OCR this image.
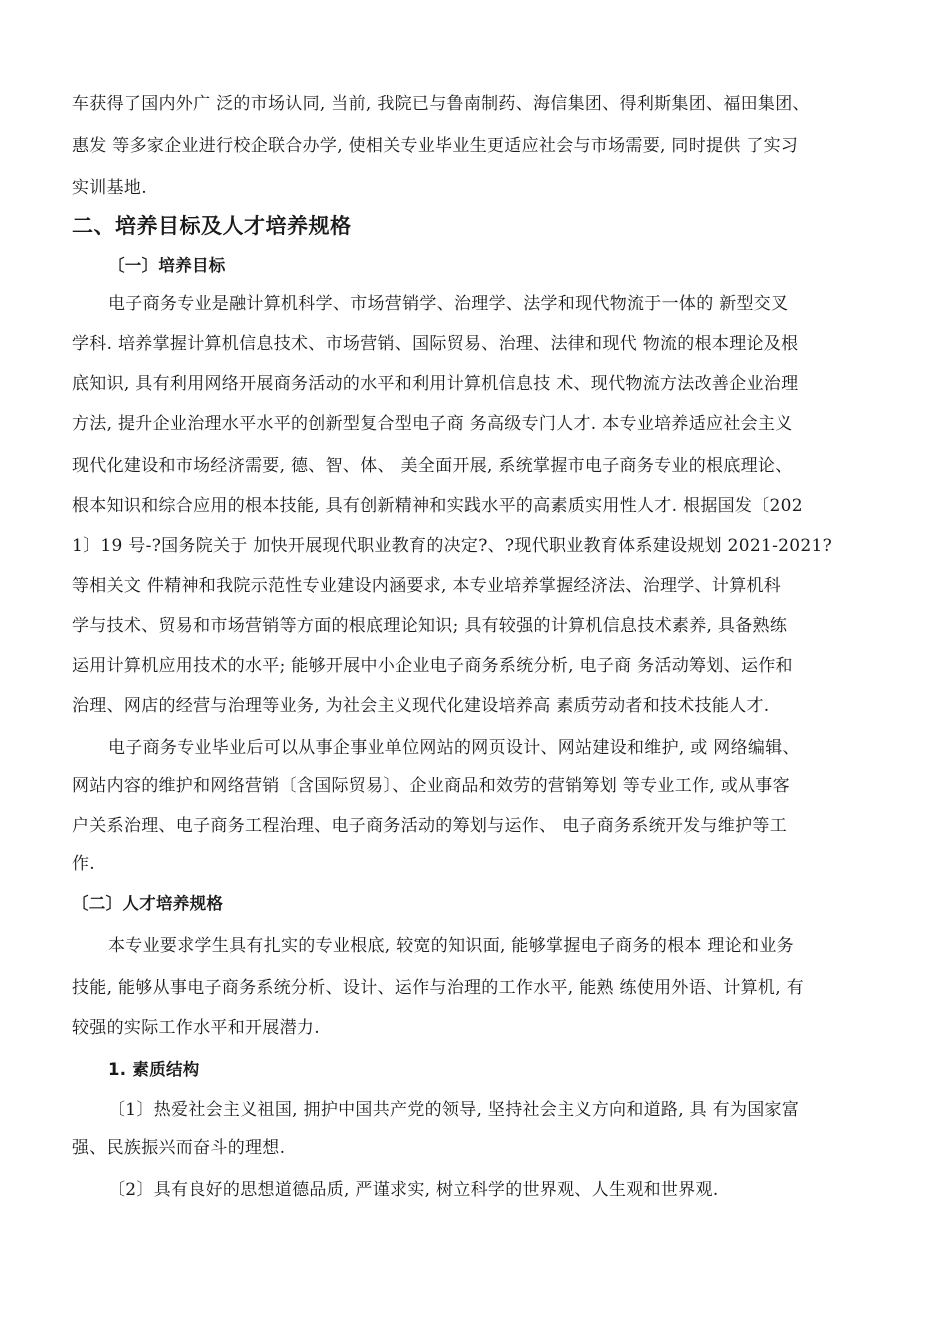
车获得了国内外广 泛的市场认同, 当前, 我院已与鲁南制药、海信集团、得利斯集团、福田集团、
惠发 等多家企业进行校企联合办学, 使相关专业毕业生更适应社会与市场需要, 同时提供 了实习
实训基地.
二、培养目标及人才培养规格
〔一〕培养目标
电子商务专业是融计算机科学、市场营销学、治理学、法学和现代物流于一体的 新型交叉
学科. 培养掌握计算机信息技术、市场营销、国际贸易、治理、法律和现代 物流的根本理论及根
底知识, 具有利用网络开展商务活动的水平和利用计算机信息技 术、现代物流方法改善企业治理
方法, 提升企业治理水平水平的创新型复合型电子商 务高级专门人才. 本专业培养适应社会主义
现代化建设和市场经济需要, 德、智、体、 美全面开展, 系统掌握市电子商务专业的根底理论、
根本知识和综合应用的根本技能, 具有创新精神和实践水平的高素质实用性人才. 根据国发〔202
1〕19 号-?国务院关于 加快开展现代职业教育的决定?、?现代职业教育体系建设规划 2021-2021?
等相关文 件精神和我院示范性专业建设内涵要求, 本专业培养掌握经济法、治理学、计算机科
学与技术、贸易和市场营销等方面的根底理论知识; 具有较强的计算机信息技术素养, 具备熟练
运用计算机应用技术的水平; 能够开展中小企业电子商务系统分析, 电子商 务活动筹划、运作和
治理、网店的经营与治理等业务, 为社会主义现代化建设培养高 素质劳动者和技术技能人才.
电子商务专业毕业后可以从事企事业单位网站的网页设计、网站建设和维护, 或 网络编辑、
网站内容的维护和网络营销〔含国际贸易〕、企业商品和效劳的营销筹划 等专业工作, 或从事客
户关系治理、电子商务工程治理、电子商务活动的筹划与运作、 电子商务系统开发与维护等工
作.
〔二〕人才培养规格
本专业要求学生具有扎实的专业根底, 较宽的知识面, 能够掌握电子商务的根本 理论和业务
技能, 能够从事电子商务系统分析、设计、运作与治理的工作水平, 能熟 练使用外语、计算机, 有
较强的实际工作水平和开展潜力.
1. 素质结构
〔1〕热爱社会主义祖国, 拥护中国共产党的领导, 坚持社会主义方向和道路, 具 有为国家富
强、民族振兴而奋斗的理想.
〔2〕具有良好的思想道德品质, 严谨求实, 树立科学的世界观、人生观和世界观.
